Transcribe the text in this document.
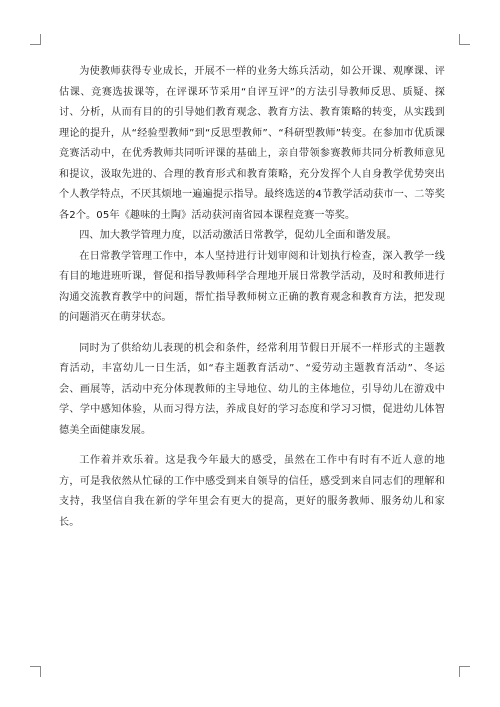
为使教师获得专业成长，开展不一样的业务大练兵活动，如公开课、观摩课、评估课、竞赛选拔课等，在评课环节采用“自评互评”的方法引导教师反思、质疑、探讨、分析，从而有目的的引导她们教育观念、教育方法、教育策略的转变，从实践到理论的提升，从“经验型教师”到“反思型教师”、“科研型教师”转变。在参加市优质课竞赛活动中，在优秀教师共同听评课的基础上，亲自带领参赛教师共同分析教师意见和提议，汲取先进的、合理的教育形式和教育策略，充分发挥个人自身教学优势突出个人教学特点，不厌其烦地一遍遍提示指导。最终选送的4节教学活动获市一、二等奖各2个。05年《趣味的土陶》活动获河南省园本课程竞赛一等奖。

四、加大教学管理力度，以活动激活日常教学，促幼儿全面和谐发展。

在日常教学管理工作中，本人坚持进行计划审阅和计划执行检查，深入教学一线有目的地进班听课，督促和指导教师科学合理地开展日常教学活动，及时和教师进行沟通交流教育教学中的问题，帮忙指导教师树立正确的教育观念和教育方法，把发现的问题消灭在萌芽状态。

同时为了供给幼儿表现的机会和条件，经常利用节假日开展不一样形式的主题教育活动，丰富幼儿一日生活，如“春主题教育活动”、“爱劳动主题教育活动”、冬运会、画展等，活动中充分体现教师的主导地位、幼儿的主体地位，引导幼儿在游戏中学、学中感知体验，从而习得方法，养成良好的学习态度和学习习惯，促进幼儿体智德美全面健康发展。

工作着并欢乐着。这是我今年最大的感受，虽然在工作中有时有不近人意的地方，可是我依然从忙碌的工作中感受到来自领导的信任，感受到来自同志们的理解和支持，我坚信自我在新的学年里会有更大的提高，更好的服务教师、服务幼儿和家长。
